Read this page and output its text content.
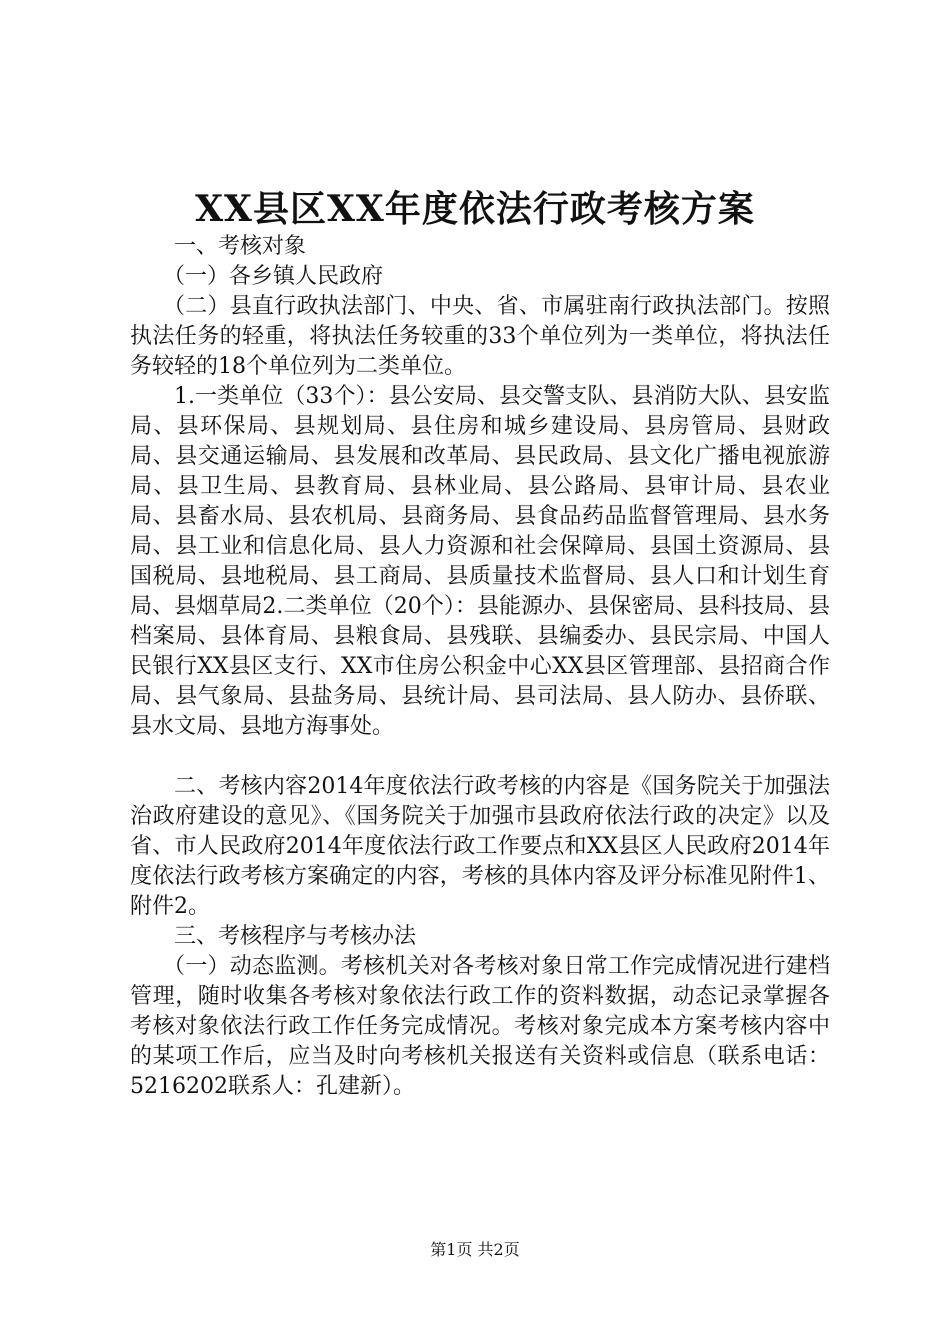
XX县区XX年度依法行政考核方案

一、考核对象

（一）各乡镇人民政府

（二）县直行政执法部门、中央、省、市属驻南行政执法部门。按照执法任务的轻重，将执法任务较重的33个单位列为一类单位，将执法任务较轻的18个单位列为二类单位。

1.一类单位（33个）：县公安局、县交警支队、县消防大队、县安监局、县环保局、县规划局、县住房和城乡建设局、县房管局、县财政局、县交通运输局、县发展和改革局、县民政局、县文化广播电视旅游局、县卫生局、县教育局、县林业局、县公路局、县审计局、县农业局、县畜水局、县农机局、县商务局、县食品药品监督管理局、县水务局、县工业和信息化局、县人力资源和社会保障局、县国土资源局、县国税局、县地税局、县工商局、县质量技术监督局、县人口和计划生育局、县烟草局2.二类单位（20个）：县能源办、县保密局、县科技局、县档案局、县体育局、县粮食局、县残联、县编委办、县民宗局、中国人民银行XX县区支行、XX市住房公积金中心XX县区管理部、县招商合作局、县气象局、县盐务局、县统计局、县司法局、县人防办、县侨联、县水文局、县地方海事处。

二、考核内容2014年度依法行政考核的内容是《国务院关于加强法治政府建设的意见》、《国务院关于加强市县政府依法行政的决定》以及省、市人民政府2014年度依法行政工作要点和XX县区人民政府2014年度依法行政考核方案确定的内容，考核的具体内容及评分标准见附件1、附件2。

三、考核程序与考核办法

（一）动态监测。考核机关对各考核对象日常工作完成情况进行建档管理，随时收集各考核对象依法行政工作的资料数据，动态记录掌握各考核对象依法行政工作任务完成情况。考核对象完成本方案考核内容中的某项工作后，应当及时向考核机关报送有关资料或信息（联系电话：5216202联系人：孔建新）。

第1页 共2页
